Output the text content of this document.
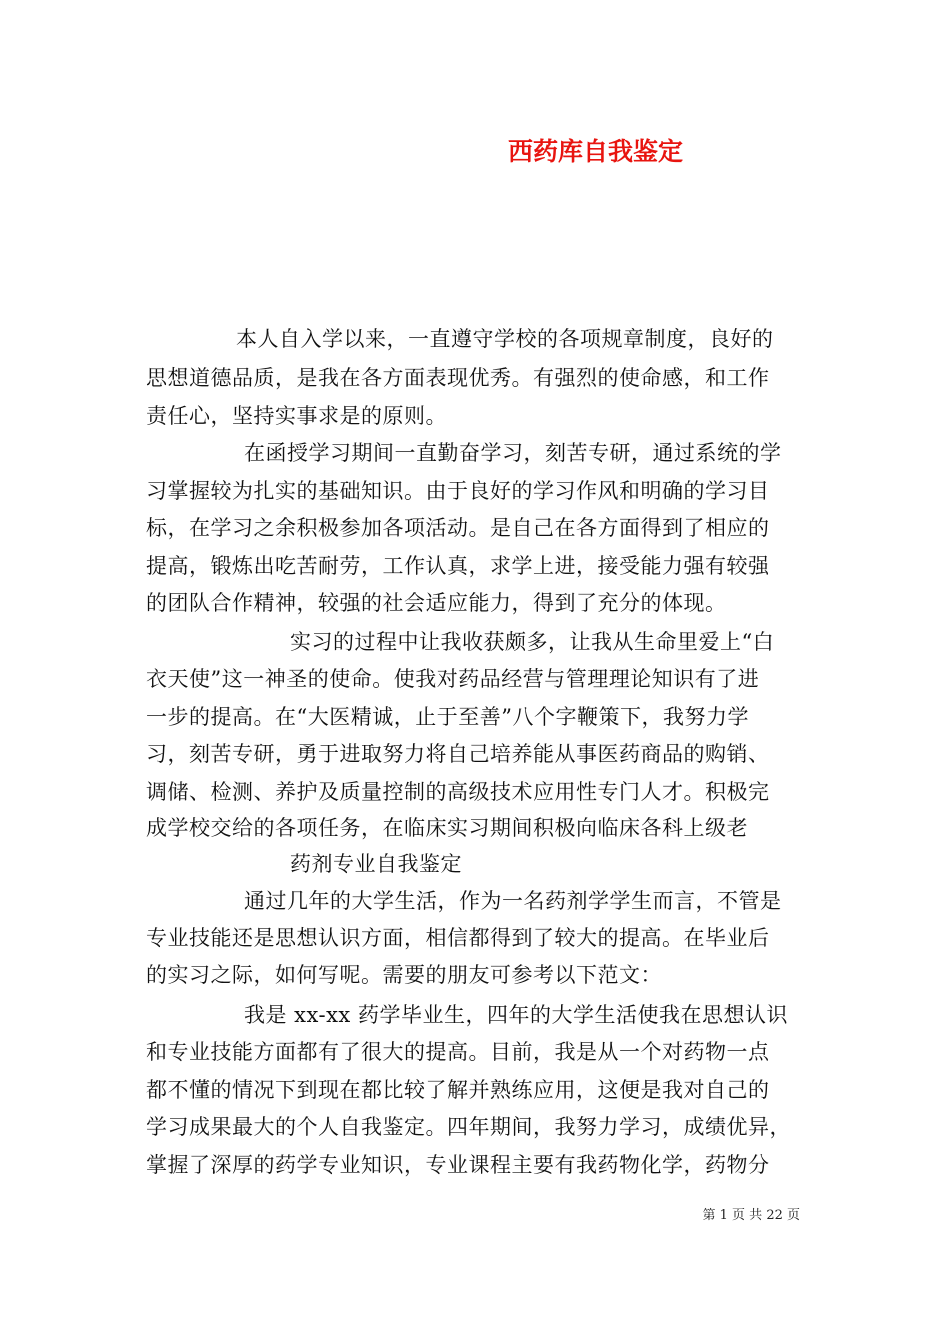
西药库自我鉴定
本人自入学以来，一直遵守学校的各项规章制度，良好的
思想道德品质，是我在各方面表现优秀。有强烈的使命感，和工作
责任心，坚持实事求是的原则。
在函授学习期间一直勤奋学习，刻苦专研，通过系统的学
习掌握较为扎实的基础知识。由于良好的学习作风和明确的学习目
标，在学习之余积极参加各项活动。是自己在各方面得到了相应的
提高，锻炼出吃苦耐劳，工作认真，求学上进，接受能力强有较强
的团队合作精神，较强的社会适应能力，得到了充分的体现。
实习的过程中让我收获颇多，让我从生命里爱上“白
衣天使”这一神圣的使命。使我对药品经营与管理理论知识有了进
一步的提高。在“大医精诚，止于至善”八个字鞭策下，我努力学
习，刻苦专研，勇于进取努力将自己培养能从事医药商品的购销、
调储、检测、养护及质量控制的高级技术应用性专门人才。积极完
成学校交给的各项任务，在临床实习期间积极向临床各科上级老
药剂专业自我鉴定
通过几年的大学生活，作为一名药剂学学生而言，不管是
专业技能还是思想认识方面，相信都得到了较大的提高。在毕业后
的实习之际，如何写呢。需要的朋友可参考以下范文：
我是 xx-xx 药学毕业生，四年的大学生活使我在思想认识
和专业技能方面都有了很大的提高。目前，我是从一个对药物一点
都不懂的情况下到现在都比较了解并熟练应用，这便是我对自己的
学习成果最大的个人自我鉴定。四年期间，我努力学习，成绩优异，
掌握了深厚的药学专业知识，专业课程主要有我药物化学，药物分
第 1 页 共 22 页
